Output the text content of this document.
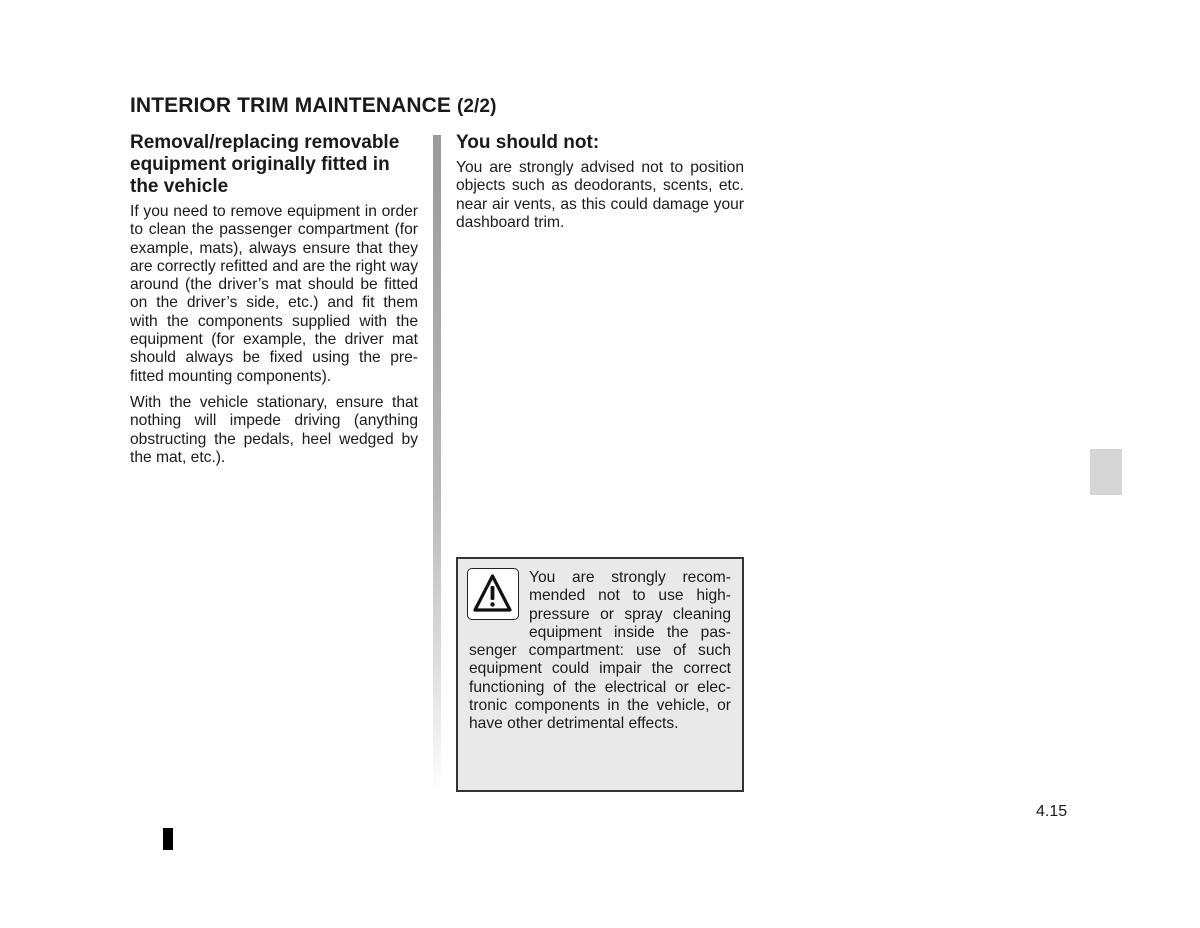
INTERIOR TRIM MAINTENANCE (2/2)
Removal/replacing removable equipment originally fitted in the vehicle

If you need to remove equipment in order to clean the passenger compartment (for example, mats), always ensure that they are correctly refitted and are the right way around (the driver’s mat should be fitted on the driver’s side, etc.) and fit them with the components supplied with the equipment (for example, the driver mat should always be fixed using the pre-fitted mounting components).

With the vehicle stationary, ensure that nothing will impede driving (anything obstructing the pedals, heel wedged by the mat, etc.).

You should not:

You are strongly advised not to position objects such as deodorants, scents, etc. near air vents, as this could damage your dashboard trim.

You are strongly recommended not to use high-pressure or spray cleaning equipment inside the passenger compartment: use of such equipment could impair the correct functioning of the electrical or electronic components in the vehicle, or have other detrimental effects.

4.15
